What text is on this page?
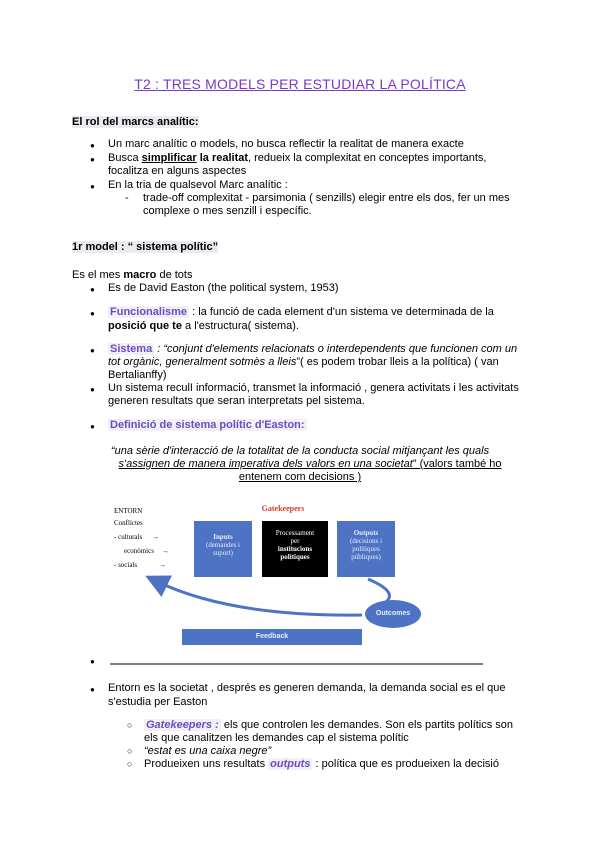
T2 : TRES MODELS PER ESTUDIAR LA POLÍTICA
El rol del marcs analític:
● Un marc analític o models, no busca reflectir la realitat de manera exacte
● Busca simplificar la realitat, redueix la complexitat en conceptes importants,
focalitza en alguns aspectes
● En la tria de qualsevol Marc analític :
- trade-off complexitat - parsimonia ( senzills) elegir entre els dos, fer un mes
complexe o mes senzill i específic.
1r model : “ sistema polític”
Es el mes macro de tots
● Es de David Easton (the political system, 1953)
● Funcionalisme : la funció de cada element d'un sistema ve determinada de la
posició que te a l'estructura( sistema).
● Sistema : “conjunt d'elements relacionats o interdependents que funcionen com un
tot orgànic, generalment sotmès a lleis”( es podem trobar lleis a la política) ( van
Bertalianffy)
● Un sistema reculI informació, transmet la informació , genera activitats i les activitats
generen resultats que seran interpretats pel sistema.
● Definició de sistema polític d'Easton:
“una sèrie d'interacció de la totalitat de la conducta social mitjançant les quals
s'assignen de manera imperativa dels valors en una societat” (valors també ho
entenem com decisions )
ENTORN
Conflictes
- culturals →
econòmics →
- socials	→
Gatekeepers
Inputs
(demandes i
suport)
Processament
per
institucions
polítiques
Outputs
(decisions i
polítiques
públiques)
Outcomes
Feedback
●
● Entorn es la societat , després es generen demanda, la demanda social es el que
s'estudia per Easton
○ Gatekeepers : els que controlen les demandes. Son els partits polítics son
els que canalitzen les demandes cap el sistema polític
○ “estat es una caixa negre”
○ Produeixen uns resultats outputs : política que es produeixen la decisió
